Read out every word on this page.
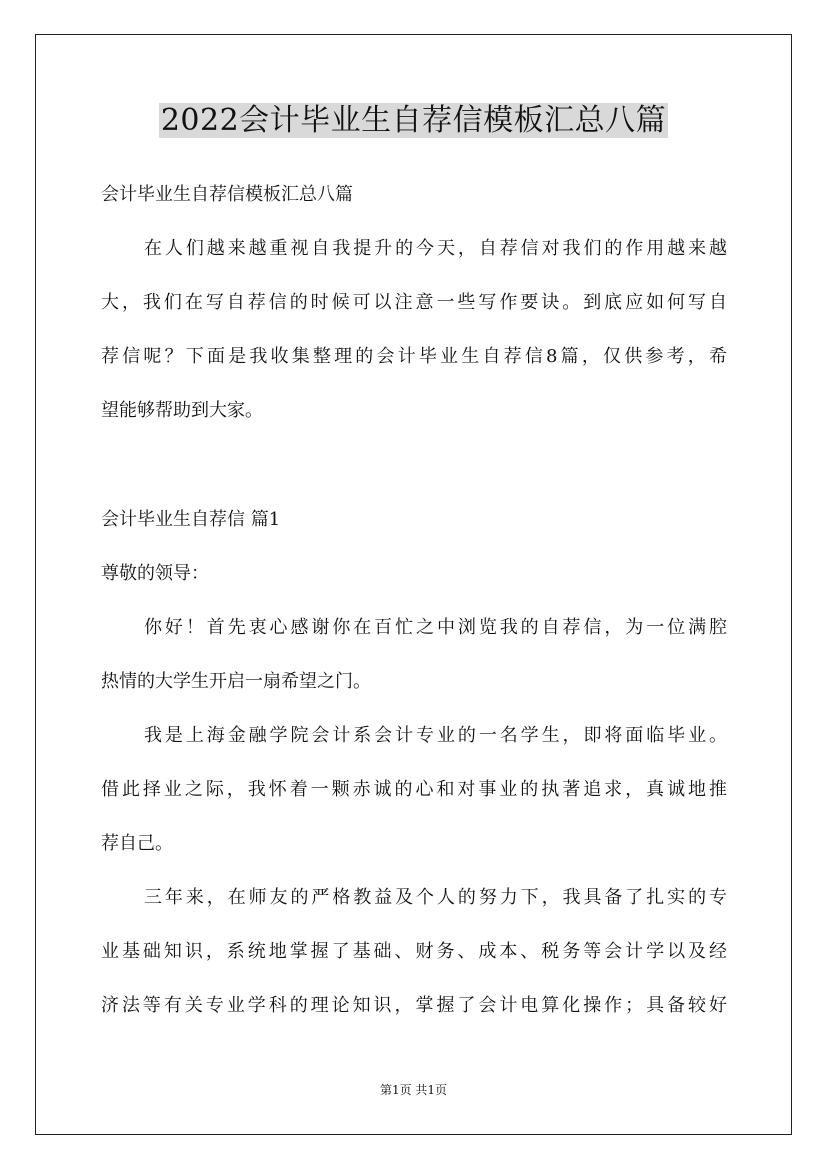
2022会计毕业生自荐信模板汇总八篇
会计毕业生自荐信模板汇总八篇
在人们越来越重视自我提升的今天，自荐信对我们的作用越来越
大，我们在写自荐信的时候可以注意一些写作要诀。到底应如何写自
荐信呢？下面是我收集整理的会计毕业生自荐信8篇，仅供参考，希
望能够帮助到大家。
会计毕业生自荐信 篇1
尊敬的领导：
你好！首先衷心感谢你在百忙之中浏览我的自荐信，为一位满腔
热情的大学生开启一扇希望之门。
我是上海金融学院会计系会计专业的一名学生，即将面临毕业。
借此择业之际，我怀着一颗赤诚的心和对事业的执著追求，真诚地推
荐自己。
三年来，在师友的严格教益及个人的努力下，我具备了扎实的专
业基础知识，系统地掌握了基础、财务、成本、税务等会计学以及经
济法等有关专业学科的理论知识，掌握了会计电算化操作；具备较好
第1页 共1页
